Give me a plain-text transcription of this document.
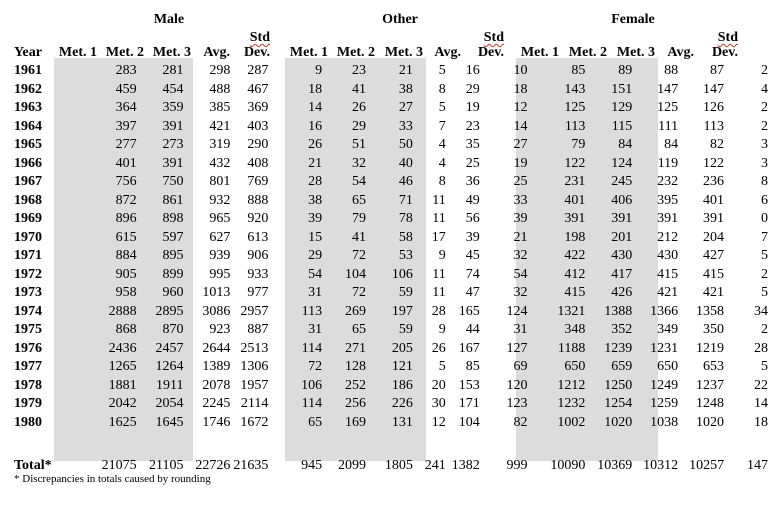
Male	Other	Female
Std
Dev.
Std
Dev.
Std
Dev.
Year	Met. 1 Met. 2 Met. 3 Avg.	Met. 1 Met. 2 Met. 3 Avg.	Met. 1 Met. 2 Met. 3 Avg.
1961		283	281	298	287	9	23	21	5	16	10	85	89	88	87	2
1962		459	454	488	467	18	41	38	8	29	18	143	151	147	147	4
1963		364	359	385	369	14	26	27	5	19	12	125	129	125	126	2
1964		397	391	421	403	16	29	33	7	23	14	113	115	111	113	2
1965		277	273	319	290	26	51	50	4	35	27	79	84	84	82	3
1966		401	391	432	408	21	32	40	4	25	19	122	124	119	122	3
1967		756	750	801	769	28	54	46	8	36	25	231	245	232	236	8
1968		872	861	932	888	38	65	71	11	49	33	401	406	395	401	6
1969		896	898	965	920	39	79	78	11	56	39	391	391	391	391	0
1970		615	597	627	613	15	41	58	17	39	21	198	201	212	204	7
1971		884	895	939	906	29	72	53	9	45	32	422	430	430	427	5
1972		905	899	995	933	54	104	106	11	74	54	412	417	415	415	2
1973		958	960	1013	977	31	72	59	11	47	32	415	426	421	421	5
1974		2888	2895	3086	2957	113	269	197	28	165	124	1321	1388	1366	1358	34
1975		868	870	923	887	31	65	59	9	44	31	348	352	349	350	2
1976		2436	2457	2644	2513	114	271	205	26	167	127	1188	1239	1231	1219	28
1977		1265	1264	1389	1306	72	128	121	5	85	69	650	659	650	653	5
1978		1881	1911	2078	1957	106	252	186	20	153	120	1212	1250	1249	1237	22
1979		2042	2054	2245	2114	114	256	226	30	171	123	1232	1254	1259	1248	14
1980		1625	1645	1746	1672	65	169	131	12	104	82	1002	1020	1038	1020	18
Total*		21075	21105	22726	21635	945	2099	1805	241	1382	999	10090	10369	10312	10257	147
* Discrepancies in totals caused by rounding
